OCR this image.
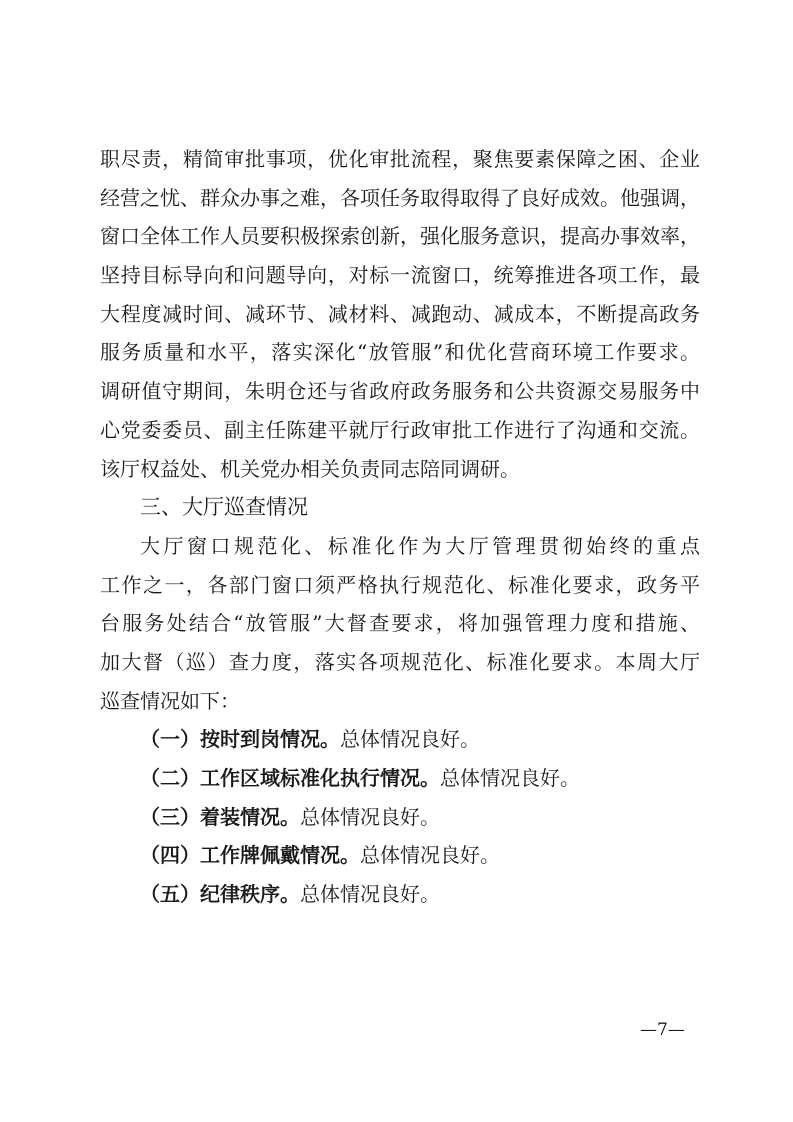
职尽责，精简审批事项，优化审批流程，聚焦要素保障之困、企业
经营之忧、群众办事之难，各项任务取得取得了良好成效。他强调，
窗口全体工作人员要积极探索创新，强化服务意识，提高办事效率，
坚持目标导向和问题导向，对标一流窗口，统筹推进各项工作，最
大程度减时间、减环节、减材料、减跑动、减成本，不断提高政务
服务质量和水平，落实深化“放管服”和优化营商环境工作要求。
调研值守期间，朱明仓还与省政府政务服务和公共资源交易服务中
心党委委员、副主任陈建平就厅行政审批工作进行了沟通和交流。
该厅权益处、机关党办相关负责同志陪同调研。
三、大厅巡查情况
大厅窗口规范化、标准化作为大厅管理贯彻始终的重点
工作之一，各部门窗口须严格执行规范化、标准化要求，政务平
台服务处结合“放管服”大督查要求，将加强管理力度和措施、
加大督（巡）查力度，落实各项规范化、标准化要求。本周大厅
巡查情况如下：
（一）按时到岗情况。总体情况良好。
（二）工作区域标准化执行情况。总体情况良好。
（三）着装情况。总体情况良好。
（四）工作牌佩戴情况。总体情况良好。
（五）纪律秩序。总体情况良好。
—7—
